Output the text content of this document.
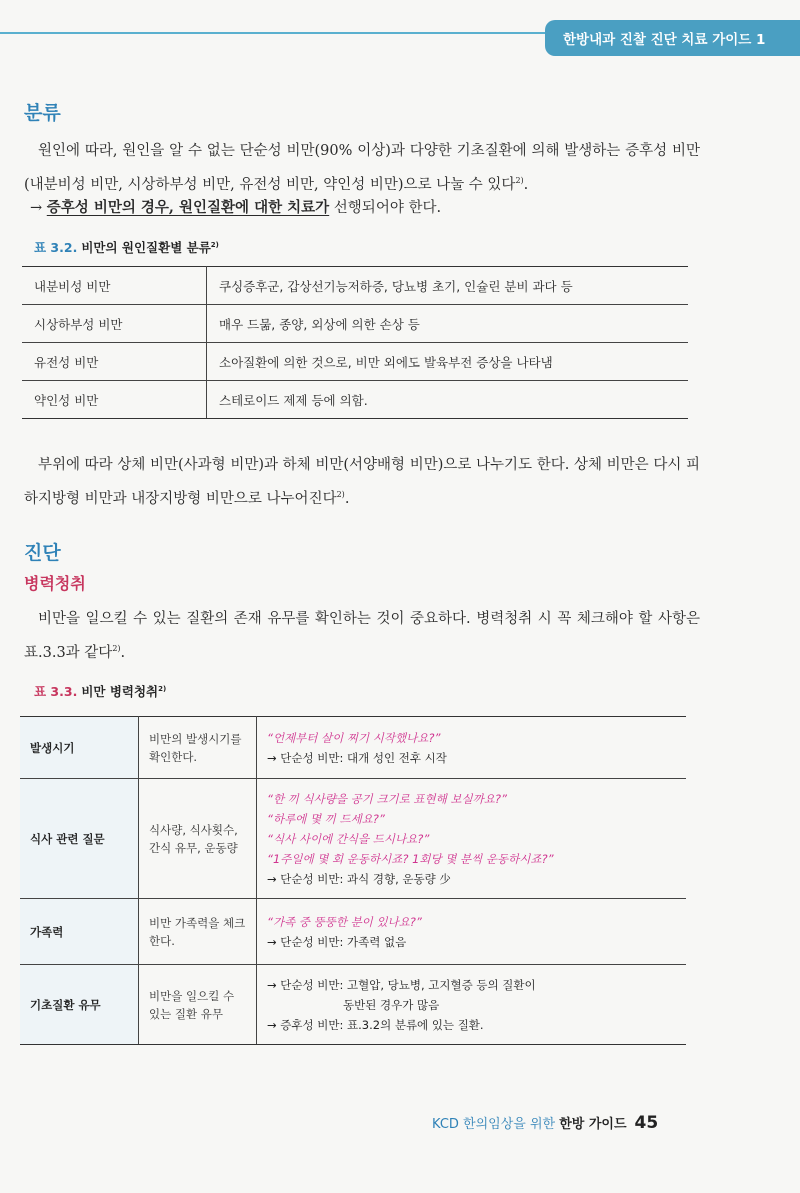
한방내과 진찰 진단 치료 가이드 1
분류
원인에 따라, 원인을 알 수 없는 단순성 비만(90% 이상)과 다양한 기초질환에 의해 발생하는 증후성 비만(내분비성 비만, 시상하부성 비만, 유전성 비만, 약인성 비만)으로 나눌 수 있다$^{2)}$.
→ 증후성 비만의 경우, 원인질환에 대한 치료가 선행되어야 한다.
표 3.2. 비만의 원인질환별 분류$^{2)}$
내분비성 비만	쿠싱증후군, 갑상선기능저하증, 당뇨병 초기, 인슐린 분비 과다 등
시상하부성 비만	매우 드묾, 종양, 외상에 의한 손상 등
유전성 비만	소아질환에 의한 것으로, 비만 외에도 발육부전 증상을 나타냄
약인성 비만	스테로이드 제제 등에 의함.
부위에 따라 상체 비만(사과형 비만)과 하체 비만(서양배형 비만)으로 나누기도 한다. 상체 비만은 다시 피하지방형 비만과 내장지방형 비만으로 나누어진다$^{2)}$.
진단
병력청취
비만을 일으킬 수 있는 질환의 존재 유무를 확인하는 것이 중요하다. 병력청취 시 꼭 체크해야 할 사항은 표.3.3과 같다$^{2)}$.
표 3.3. 비만 병력청취$^{2)}$
발생시기	비만의 발생시기를 확인한다.	“언제부터 살이 찌기 시작했나요?”
→ 단순성 비만: 대개 성인 전후 시작

식사 관련 질문	식사량, 식사횟수, 간식 유무, 운동량	“한 끼 식사량을 공기 크기로 표현해 보실까요?”
“하루에 몇 끼 드세요?”
“식사 사이에 간식을 드시나요?”
“1주일에 몇 회 운동하시죠? 1회당 몇 분씩 운동하시죠?”
→ 단순성 비만: 과식 경향, 운동량 少

가족력	비만 가족력을 체크한다.	“가족 중 뚱뚱한 분이 있나요?”
→ 단순성 비만: 가족력 없음

기초질환 유무	비만을 일으킬 수 있는 질환 유무	→ 단순성 비만: 고혈압, 당뇨병, 고지혈증 등의 질환이
동반된 경우가 많음
→ 증후성 비만: 표.3.2의 분류에 있는 질환.
KCD 한의임상을 위한 한방 가이드 45
